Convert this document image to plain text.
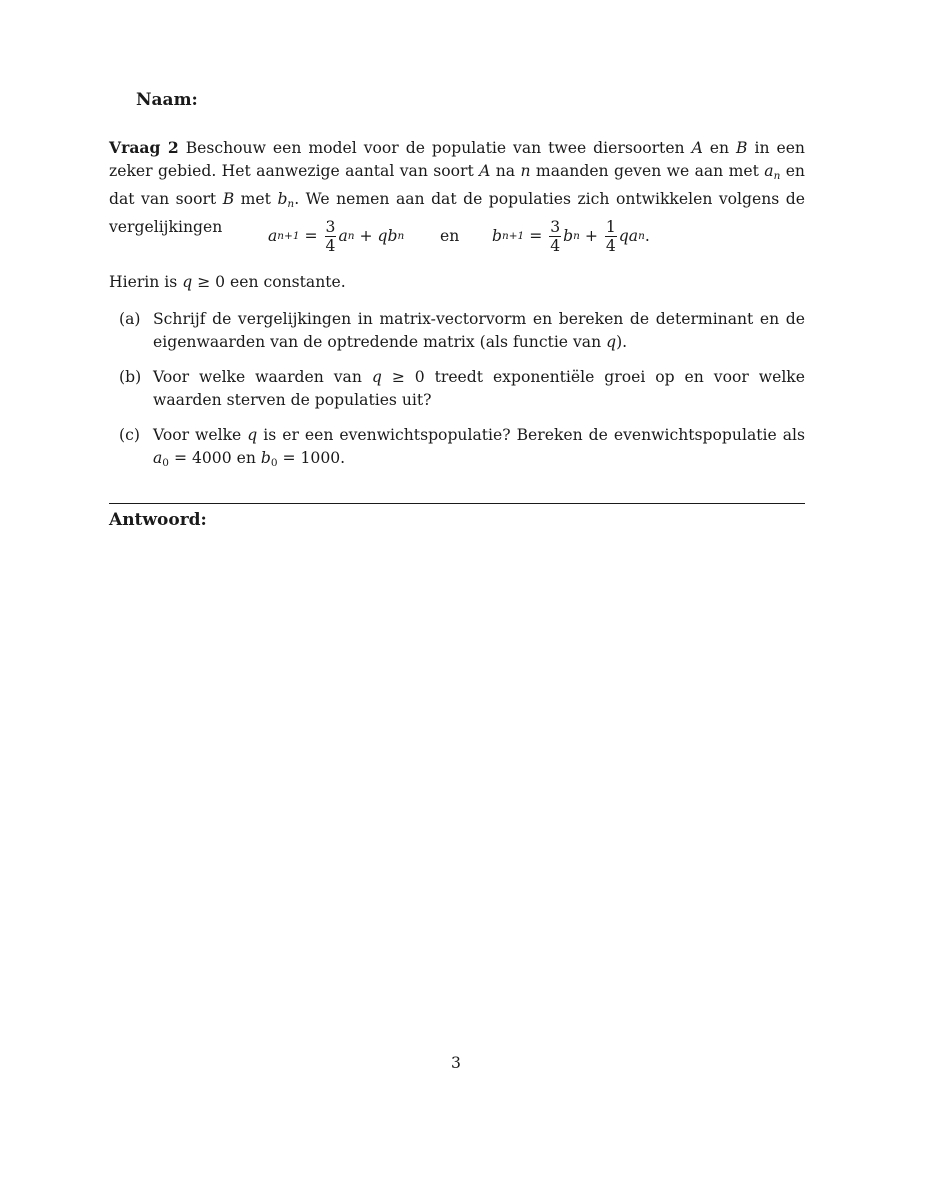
Naam:
Vraag 2 Beschouw een model voor de populatie van twee diersoorten A en B in een zeker gebied. Het aanwezige aantal van soort A na n maanden geven we aan met $a_n$ en dat van soort B met $b_n$. We nemen aan dat de populaties zich ontwikkelen volgens de vergelijkingen	a $n+1 = \frac{3}{4}$ a n + qb n en b $n+1 = \frac{3}{4}$ b $n + \frac{1}{4}$ qa n .
Hierin is q ≥ 0 een constante.
(a) Schrijf de vergelijkingen in matrix-vectorvorm en bereken de determinant en de eigenwaarden van de optredende matrix (als functie van q).
(b) Voor welke waarden van q ≥ 0 treedt exponentiële groei op en voor welke waarden sterven de populaties uit?
(c) Voor welke q is er een evenwichtspopulatie? Bereken de evenwichtspopulatie als a0 = 4000 en b0 = 1000.
Antwoord:
3
